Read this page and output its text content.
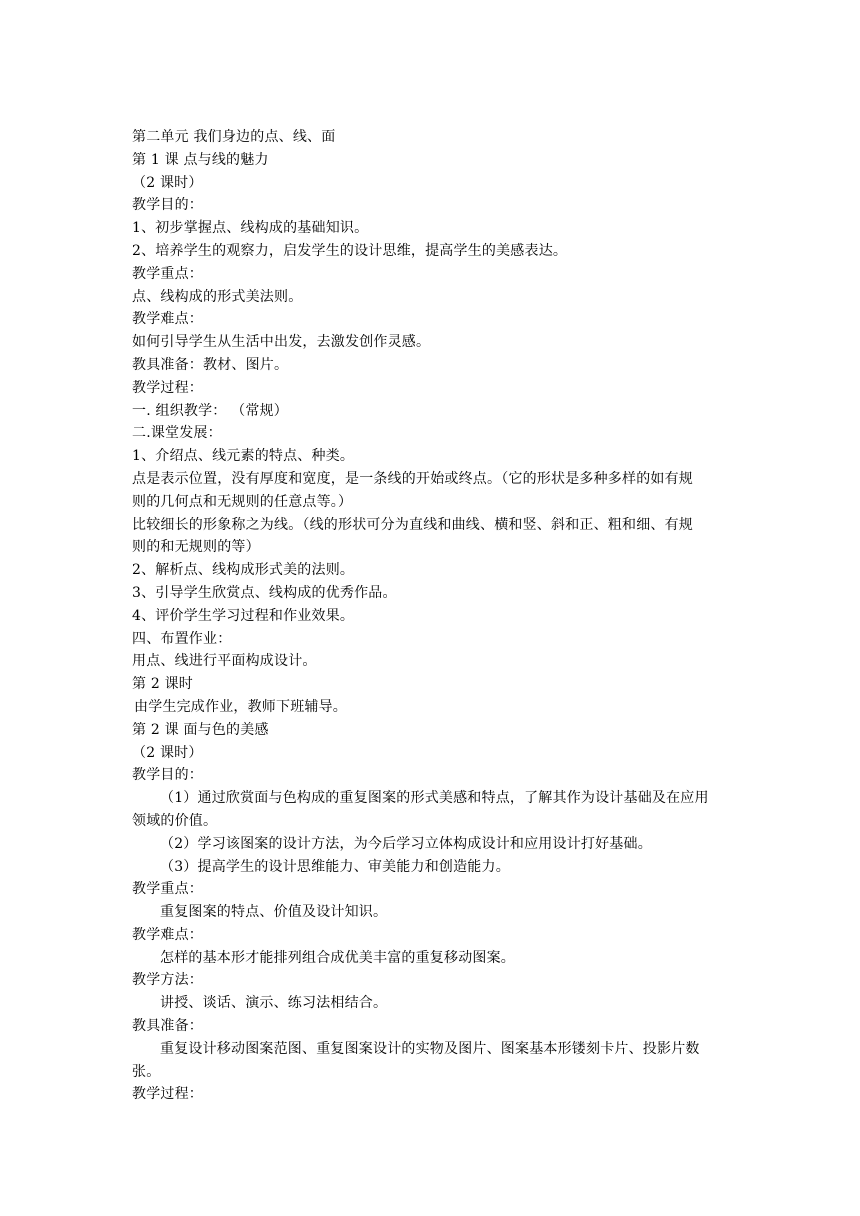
第二单元 我们身边的点、线、面
第 1 课 点与线的魅力
（2 课时）
教学目的：
1、初步掌握点、线构成的基础知识。
2、培养学生的观察力，启发学生的设计思维，提高学生的美感表达。
教学重点：
点、线构成的形式美法则。
教学难点：
如何引导学生从生活中出发，去激发创作灵感。
教具准备：教材、图片。
教学过程：
一. 组织教学： （常规）
二.课堂发展：
1、介绍点、线元素的特点、种类。
点是表示位置，没有厚度和宽度，是一条线的开始或终点。（它的形状是多种多样的如有规
则的几何点和无规则的任意点等。）
比较细长的形象称之为线。（线的形状可分为直线和曲线、横和竖、斜和正、粗和细、有规
则的和无规则的等）
2、解析点、线构成形式美的法则。
3、引导学生欣赏点、线构成的优秀作品。
4、评价学生学习过程和作业效果。
四、布置作业：
用点、线进行平面构成设计。
第 2 课时
由学生完成作业，教师下班辅导。
第 2 课 面与色的美感
（2 课时）
教学目的：
（1）通过欣赏面与色构成的重复图案的形式美感和特点，了解其作为设计基础及在应用
领域的价值。
（2）学习该图案的设计方法，为今后学习立体构成设计和应用设计打好基础。
（3）提高学生的设计思维能力、审美能力和创造能力。
教学重点：
重复图案的特点、价值及设计知识。
教学难点：
怎样的基本形才能排列组合成优美丰富的重复移动图案。
教学方法：
讲授、谈话、演示、练习法相结合。
教具准备：
重复设计移动图案范图、重复图案设计的实物及图片、图案基本形镂刻卡片、投影片数
张。
教学过程：
